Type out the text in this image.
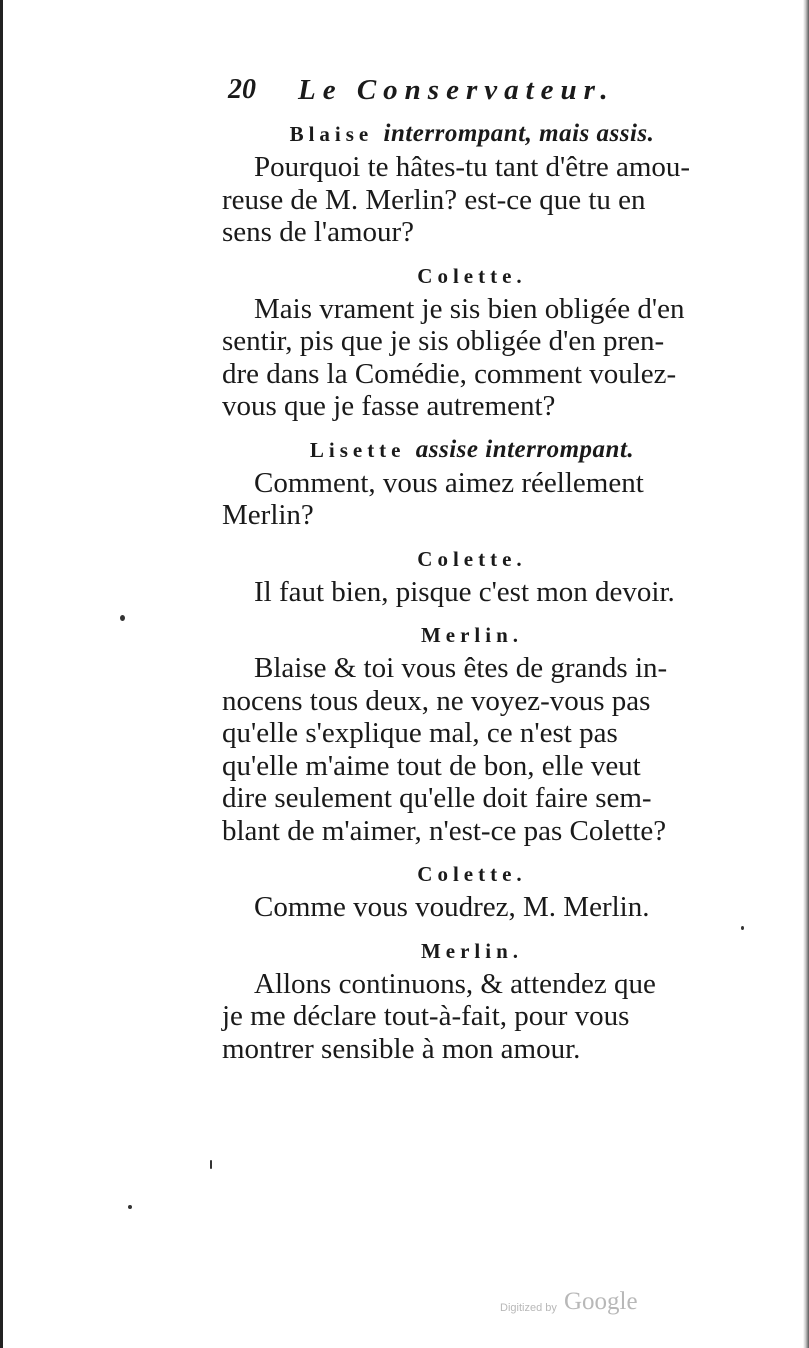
20 Le Conservateur.
Blaise interrompant, mais assis.
Pourquoi te hâtes-tu tant d'être amou-
reuse de M. Merlin? est-ce que tu en
sens de l'amour?
Colette.
Mais vrament je sis bien obligée d'en
sentir, pis que je sis obligée d'en pren-
dre dans la Comédie, comment voulez-
vous que je fasse autrement?
Lisette assise interrompant.
Comment, vous aimez réellement
Merlin?
Colette.
Il faut bien, pisque c'est mon devoir.
Merlin.
Blaise & toi vous êtes de grands in-
nocens tous deux, ne voyez-vous pas
qu'elle s'explique mal, ce n'est pas
qu'elle m'aime tout de bon, elle veut
dire seulement qu'elle doit faire sem-
blant de m'aimer, n'est-ce pas Colette?
Colette.
Comme vous voudrez, M. Merlin.
Merlin.
Allons continuons, & attendez que
je me déclare tout-à-fait, pour vous
montrer sensible à mon amour.
Digitized by Google
